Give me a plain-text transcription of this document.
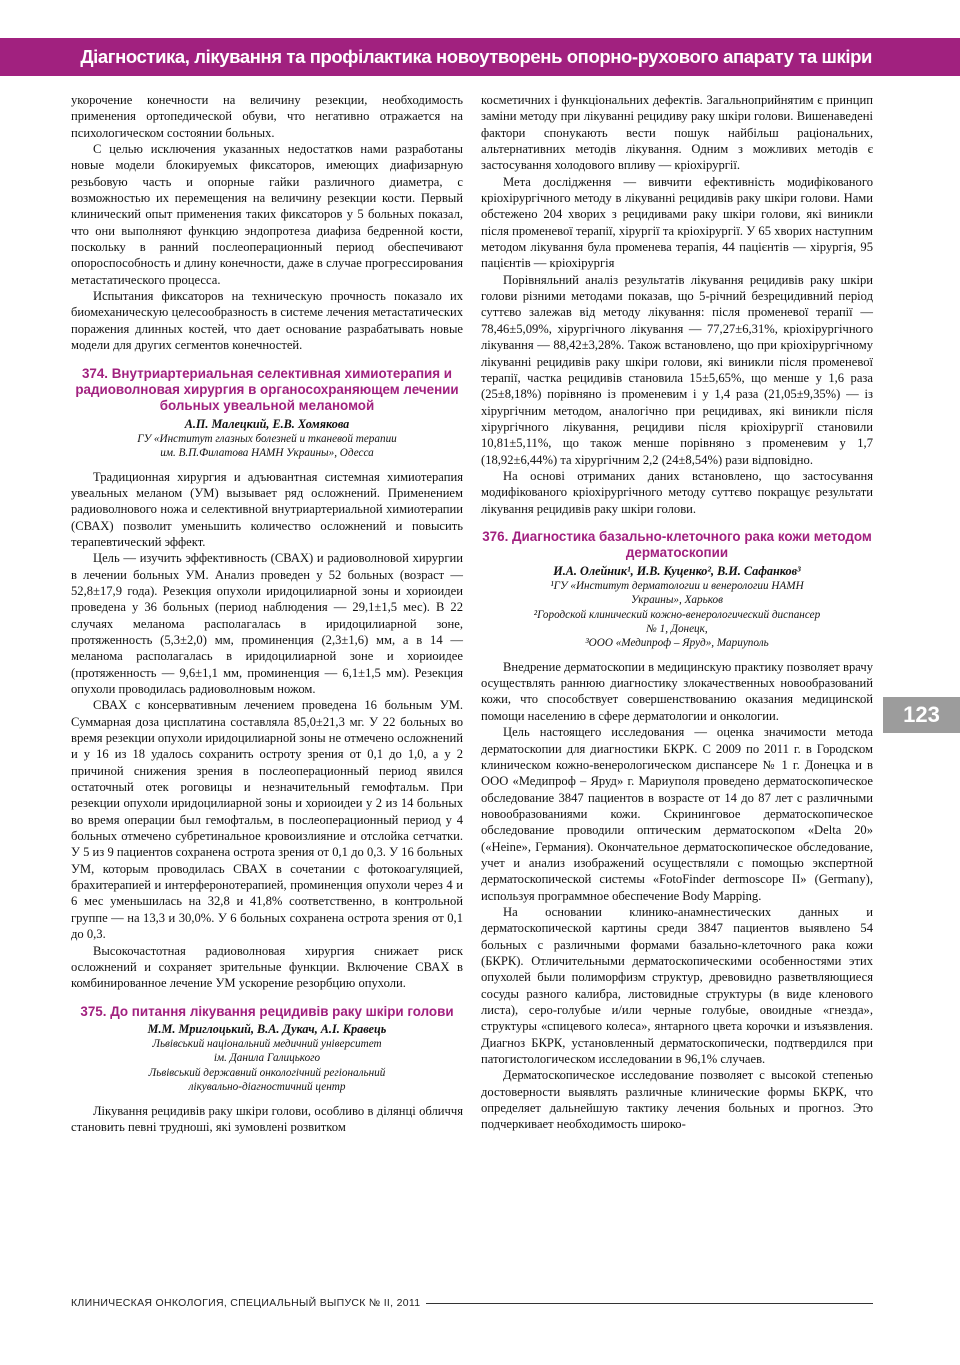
Діагностика, лікування та профілактика новоутворень опорно-рухового апарату та шкіри

укорочение конечности на величину резекции, необходимость применения ортопедической обуви, что негативно отражается на психологическом состоянии больных.

С целью исключения указанных недостатков нами разработаны новые модели блокируемых фиксаторов, имеющих диафизарную резьбовую часть и опорные гайки различного диаметра, с возможностью их перемещения на величину резекции кости. Первый клинический опыт применения таких фиксаторов у 5 больных показал, что они выполняют функцию эндопротеза диафиза бедренной кости, поскольку в ранний послеоперационный период обеспечивают опороспособность и длину конечности, даже в случае прогрессирования метастатического процесса.

Испытания фиксаторов на техническую прочность показало их биомеханическую целесообразность в системе лечения метастатических поражения длинных костей, что дает основание разрабатывать новые модели для других сегментов конечностей.

374. Внутриартериальная селективная химиотерапия и радиоволновая хирургия в органосохраняющем лечении больных увеальной меланомой
А.П. Малецкий, Е.В. Хомякова
ГУ «Институт глазных болезней и тканевой терапии
им. В.П.Филатова НАМН Украины», Одесса

Традиционная хирургия и адъювантная системная химиотерапия увеальных меланом (УМ) вызывает ряд осложнений. Применением радиоволнового ножа и селективной внутриартериальной химиотерапии (СВАХ) позволит уменьшить количество осложнений и повысить терапевтический эффект.

Цель — изучить эффективность (СВАХ) и радиоволновой хирургии в лечении больных УМ. Анализ проведен у 52 больных (возраст — 52,8±17,9 года). Резекция опухоли иридоцилиарной зоны и хориоидеи проведена у 36 больных (период наблюдения — 29,1±1,5 мес). В 22 случаях меланома располагалась в иридоцилиарной зоне, протяженность (5,3±2,0) мм, проминенция (2,3±1,6) мм, а в 14 — меланома располагалась в иридоцилиарной зоне и хориоидее (протяженность — 9,6±1,1 мм, проминенция — 6,1±1,5 мм). Резекция опухоли проводилась радиоволновым ножом.

СВАХ с консервативным лечением проведена 16 больным УМ. Суммарная доза цисплатина составляла 85,0±21,3 мг. У 22 больных во время резекции опухоли иридоцилиарной зоны не отмечено осложнений и у 16 из 18 удалось сохранить остроту зрения от 0,1 до 1,0, а у 2 причиной снижения зрения в послеоперационный период явился остаточный отек роговицы и незначительный гемофтальм. При резекции опухоли иридоцилиарной зоны и хориоидеи у 2 из 14 больных во время операции был гемофтальм, в послеоперационный период у 4 больных отмечено субретинальное кровоизлияние и отслойка сетчатки. У 5 из 9 пациентов сохранена острота зрения от 0,1 до 0,3. У 16 больных УМ, которым проводилась СВАХ в сочетании с фотокоагуляцией, брахитерапией и интерферонотерапией, проминенция опухоли через 4 и 6 мес уменьшилась на 32,8 и 41,8% соответственно, в контрольной группе — на 13,3 и 30,0%. У 6 больных сохранена острота зрения от 0,1 до 0,3.

Высокочастотная радиоволновая хирургия снижает риск осложнений и сохраняет зрительные функции. Включение СВАХ в комбинированное лечение УМ ускорение резорбцию опухоли.

375. До питання лікування рецидивів раку шкіри голови
М.М. Мриглоцький, В.А. Дукач, А.І. Кравець
Львівський національний медичний університет
ім. Данила Галицького
Львівський державний онкологічний регіональний
лікувально-діагностичний центр

Лікування рецидивів раку шкіри голови, особливо в ділянці обличчя становить певні трудношi, які зумовлені розвитком

косметичних і функціональних дефектів. Загальноприйнятим є принцип заміни методу при лікуванні рецидиву раку шкіри голови. Вишенаведені фактори спонукають вести пошук найбільш раціональних, альтернативних методів лікування. Одним з можливих методів є застосування холодового впливу — кріохірургії.

Мета дослідження — вивчити ефективність модифікованого кріохірургічного методу в лікуванні рецидивів раку шкіри голови. Нами обстежено 204 хворих з рецидивами раку шкіри голови, які виникли після променевої терапії, хірургії та кріохірургії. У 65 хворих наступним методом лікування була променева терапія, 44 пацієнтів — хірургія, 95 пацієнтів — кріохірургія

Порівняльний аналіз результатів лікування рецидивів раку шкіри голови різними методами показав, що 5-річний безрецидивний період суттєво залежав від методу лікування: після променевої терапії — 78,46±5,09%, хірургічного лікування — 77,27±6,31%, кріохірургічного лікування — 88,42±3,28%. Також встановлено, що при кріохірургічному лікуванні рецидивів раку шкіри голови, які виникли після променевої терапії, частка рецидивів становила 15±5,65%, що менше у 1,6 раза (25±8,18%) порівняно із променевим i у 1,4 раза (21,05±9,35%) — із хірургічним методом, аналогічно при рецидивах, які виникли після хірургічного лікування, рецидиви після кріохірургії становили 10,81±5,11%, що також менше порівняно з променевим у 1,7 (18,92±6,44%) та хірургічним 2,2 (24±8,54%) рази відповідно.

На основі отриманих даних встановлено, що застосування модифікованого кріохірургічного методу суттєво покращує результати лікування рецидивів раку шкіри голови.

376. Диагностика базально-клеточного рака кожи методом дерматоскопии
И.А. Олейник¹, И.В. Куценко², В.И. Сафанков³
¹ГУ «Институт дерматологии и венерологии НАМН
Украины», Харьков
²Городской клинический кожно-венерологический диспансер
№ 1, Донецк,
³ООО «Медипроф – Яруд», Мариуполь

Внедрение дерматоскопии в медицинскую практику позволяет врачу осуществлять раннюю диагностику злокачественных новообразований кожи, что способствует совершенствованию оказания медицинской помощи населению в сфере дерматологии и онкологии.

Цель настоящего исследования — оценка значимости метода дерматоскопии для диагностики БКРК. С 2009 по 2011 г. в Городском клиническом кожно-венерологическом диспансере № 1 г. Донецка и в ООО «Медипроф – Яруд» г. Мариуполя проведено дерматоскопическое обследование 3847 пациентов в возрасте от 14 до 87 лет с различными новообразованиями кожи. Скрининговое дерматоскопическое обследование проводили оптическим дерматоскопом «Delta 20» («Heine», Германия). Окончательное дерматоскопическое обследование, учет и анализ изображений осуществляли с помощью экспертной дерматоскопической системы «FotoFinder dermoscope II» (Germany), используя программное обеспечение Body Mapping.

На основании клинико-анамнестических данных и дерматоскопической картины среди 3847 пациентов выявлено 54 больных с различными формами базально-клеточного рака кожи (БКРК). Отличительными дерматоскопическими особенностями этих опухолей были полиморфизм структур, древовидно разветвляющиеся сосуды разного калибра, листовидные структуры (в виде кленового листа), серо-голубые и/или черные голубые, овоидные «гнезда», структуры «спицевого колеса», янтарного цвета корочки и изъязвления. Диагноз БКРК, установленный дерматоскопически, подтвердился при патогистологическом исследовании в 96,1% случаев.

Дерматоскопическое исследование позволяет с высокой степенью достоверности выявлять различные клинические формы БКРК, что определяет дальнейшую тактику лечения больных и прогноз. Это подчеркивает необходимость широко-

123
КЛИНИЧЕСКАЯ ОНКОЛОГИЯ, СПЕЦИАЛЬНЫЙ ВЫПУСК № II, 2011
